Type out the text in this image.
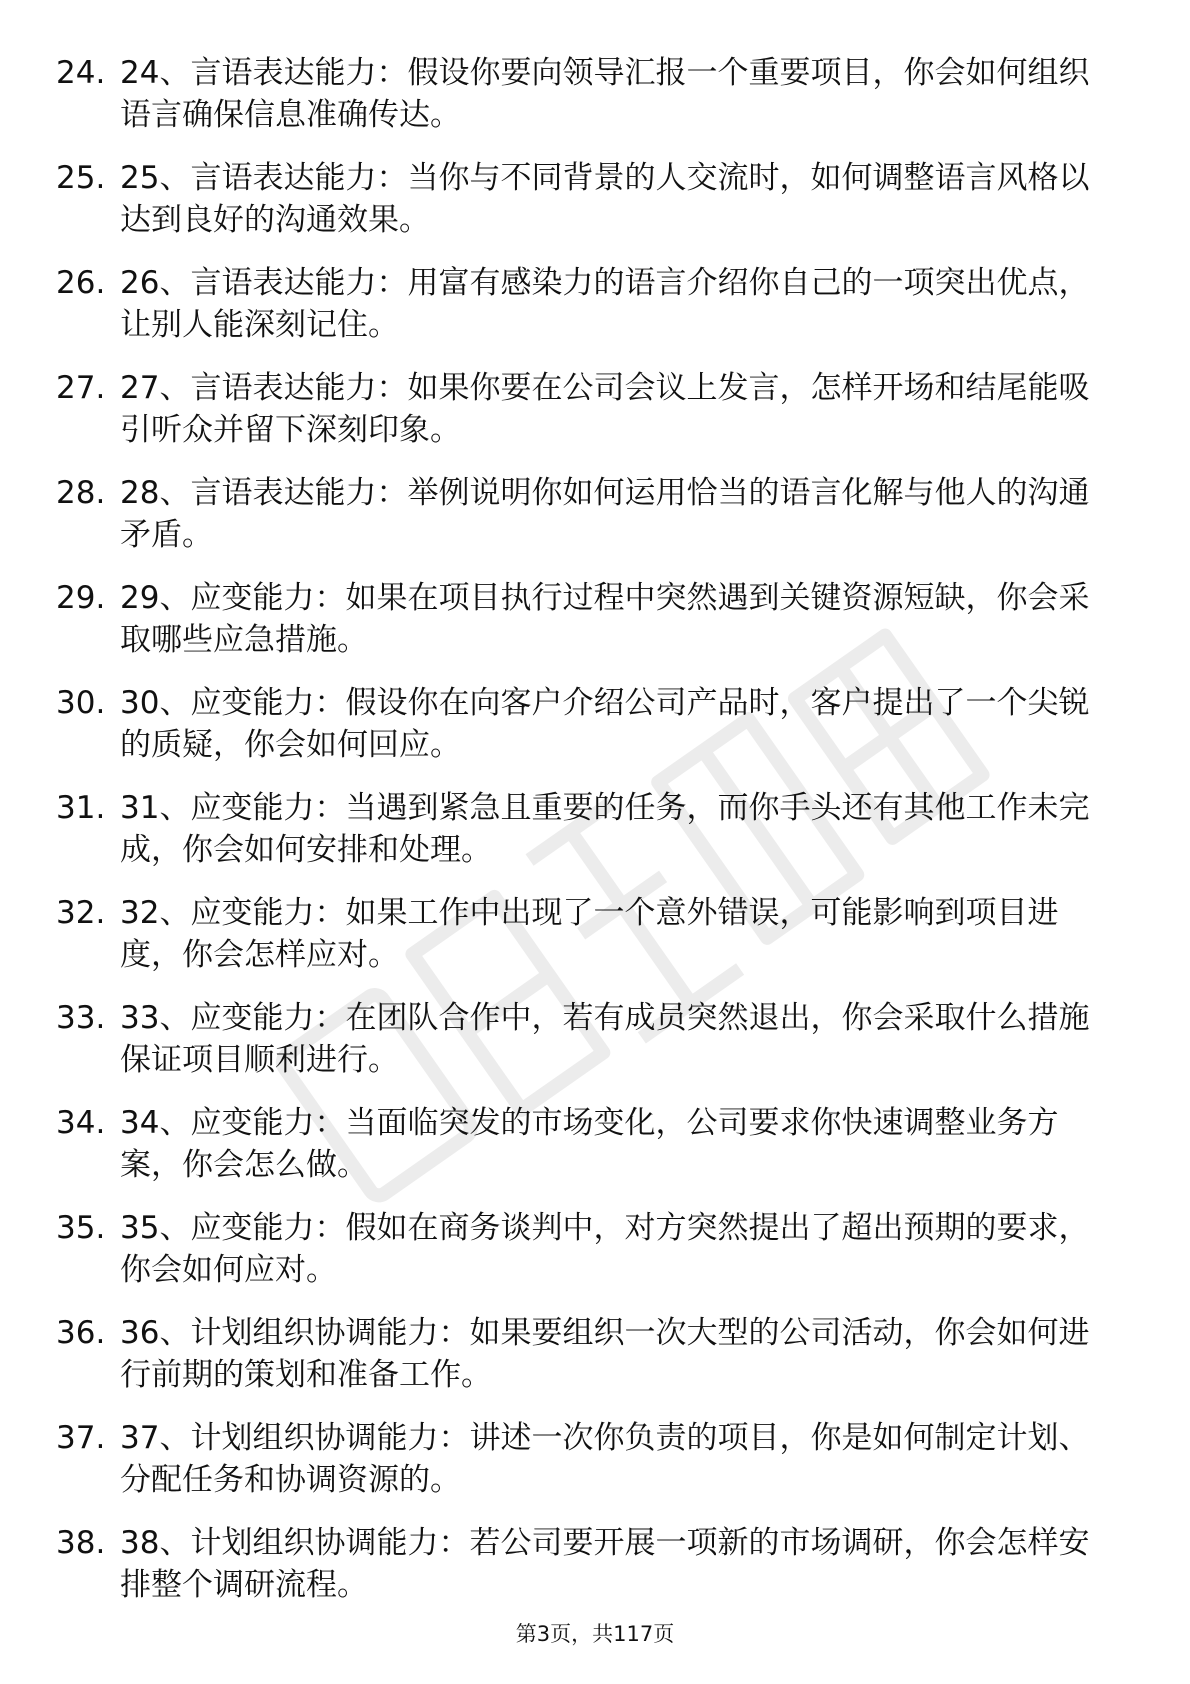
24. 24、言语表达能力：假设你要向领导汇报一个重要项目，你会如何组织语言确保信息准确传达。
25. 25、言语表达能力：当你与不同背景的人交流时，如何调整语言风格以达到良好的沟通效果。
26. 26、言语表达能力：用富有感染力的语言介绍你自己的一项突出优点，让别人能深刻记住。
27. 27、言语表达能力：如果你要在公司会议上发言，怎样开场和结尾能吸引听众并留下深刻印象。
28. 28、言语表达能力：举例说明你如何运用恰当的语言化解与他人的沟通矛盾。
29. 29、应变能力：如果在项目执行过程中突然遇到关键资源短缺，你会采取哪些应急措施。
30. 30、应变能力：假设你在向客户介绍公司产品时，客户提出了一个尖锐的质疑，你会如何回应。
31. 31、应变能力：当遇到紧急且重要的任务，而你手头还有其他工作未完成，你会如何安排和处理。
32. 32、应变能力：如果工作中出现了一个意外错误，可能影响到项目进度，你会怎样应对。
33. 33、应变能力：在团队合作中，若有成员突然退出，你会采取什么措施保证项目顺利进行。
34. 34、应变能力：当面临突发的市场变化，公司要求你快速调整业务方案，你会怎么做。
35. 35、应变能力：假如在商务谈判中，对方突然提出了超出预期的要求，你会如何应对。
36. 36、计划组织协调能力：如果要组织一次大型的公司活动，你会如何进行前期的策划和准备工作。
37. 37、计划组织协调能力：讲述一次你负责的项目，你是如何制定计划、分配任务和协调资源的。
38. 38、计划组织协调能力：若公司要开展一项新的市场调研，你会怎样安排整个调研流程。
第3页，共117页
